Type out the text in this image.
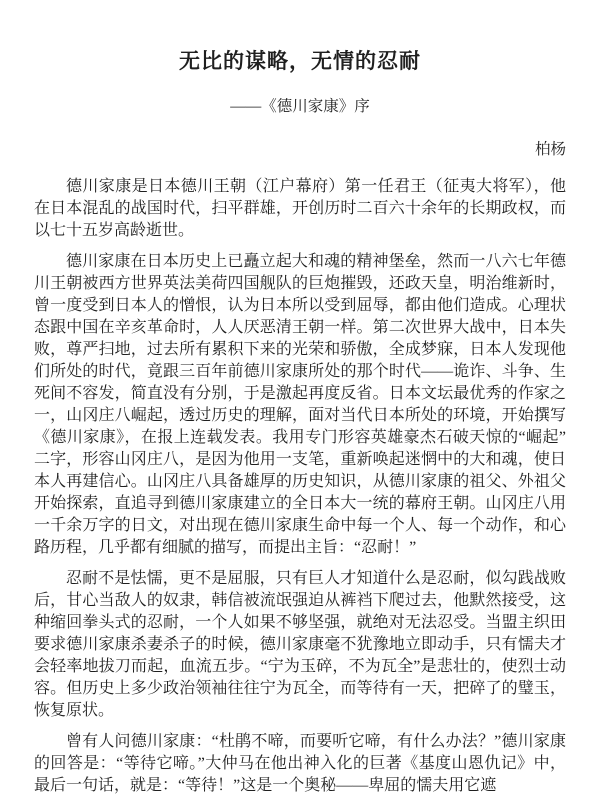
无比的谋略，无情的忍耐
——《德川家康》序
柏杨

德川家康是日本德川王朝（江户幕府）第一任君王（征夷大将军），他在日本混乱的战国时代，扫平群雄，开创历时二百六十余年的长期政权，而以七十五岁高龄逝世。

德川家康在日本历史上已矗立起大和魂的精神堡垒，然而一八六七年德川王朝被西方世界英法美荷四国舰队的巨炮摧毁，还政天皇，明治维新时，曾一度受到日本人的憎恨，认为日本所以受到屈辱，都由他们造成。心理状态跟中国在辛亥革命时，人人厌恶清王朝一样。第二次世界大战中，日本失败，尊严扫地，过去所有累积下来的光荣和骄傲，全成梦寐，日本人发现他们所处的时代，竟跟三百年前德川家康所处的那个时代——诡诈、斗争、生死间不容发，简直没有分别，于是激起再度反省。日本文坛最优秀的作家之一，山冈庄八崛起，透过历史的理解，面对当代日本所处的环境，开始撰写《德川家康》，在报上连载发表。我用专门形容英雄豪杰石破天惊的“崛起”二字，形容山冈庄八，是因为他用一支笔，重新唤起迷惘中的大和魂，使日本人再建信心。山冈庄八具备雄厚的历史知识，从德川家康的祖父、外祖父开始探索，直追寻到德川家康建立的全日本大一统的幕府王朝。山冈庄八用一千余万字的日文，对出现在德川家康生命中每一个人、每一个动作，和心路历程，几乎都有细腻的描写，而提出主旨：“忍耐！”

忍耐不是怯懦，更不是屈服，只有巨人才知道什么是忍耐，似勾践战败后，甘心当敌人的奴隶，韩信被流氓强迫从裤裆下爬过去，他默然接受，这种缩回拳头式的忍耐，一个人如果不够坚强，就绝对无法忍受。当盟主织田要求德川家康杀妻杀子的时候，德川家康毫不犹豫地立即动手，只有懦夫才会轻率地拔刀而起，血流五步。“宁为玉碎，不为瓦全”是悲壮的，使烈士动容。但历史上多少政治领袖往往宁为瓦全，而等待有一天，把碎了的璧玉，恢复原状。

曾有人问德川家康：“杜鹃不啼，而要听它啼，有什么办法？”德川家康的回答是：“等待它啼。”大仲马在他出神入化的巨著《基度山恩仇记》中，最后一句话，就是：“等待！”这是一个奥秘——卑屈的懦夫用它遮
